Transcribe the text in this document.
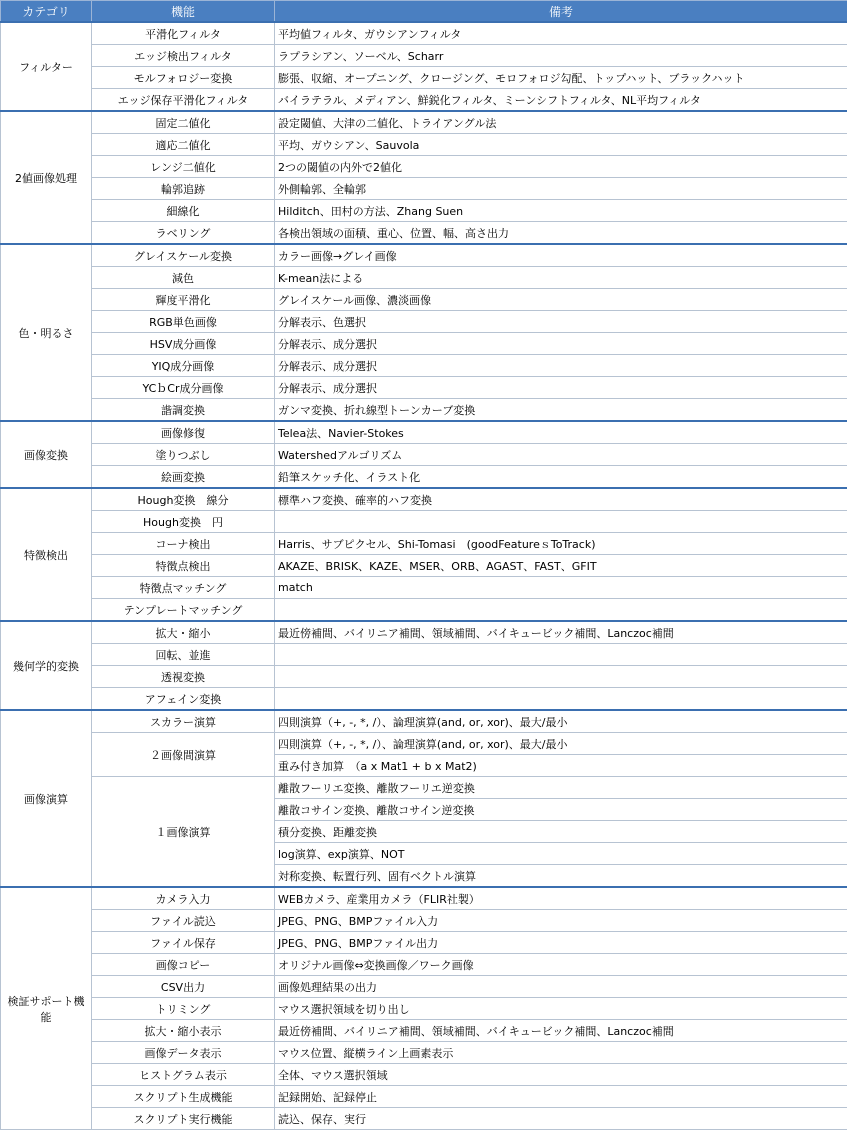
カテゴリ	機能	備考
フィルター	平滑化フィルタ	平均値フィルタ、ガウシアンフィルタ
	エッジ検出フィルタ	ラプラシアン、ソーベル、Scharr
	モルフォロジー変換	膨張、収縮、オープニング、クロージング、モロフォロジ勾配、トップハット、ブラックハット
	エッジ保存平滑化フィルタ	バイラテラル、メディアン、鮮鋭化フィルタ、ミーンシフトフィルタ、NL平均フィルタ
2値画像処理	固定二値化	設定閾値、大津の二値化、トライアングル法
	適応二値化	平均、ガウシアン、Sauvola
	レンジ二値化	2つの閾値の内外で2値化
	輪郭追跡	外側輪郭、全輪郭
	細線化	Hilditch、田村の方法、Zhang Suen
	ラベリング	各検出領域の面積、重心、位置、幅、高さ出力
色・明るさ	グレイスケール変換	カラー画像→グレイ画像
	減色	K-mean法による
	輝度平滑化	グレイスケール画像、濃淡画像
	RGB単色画像	分解表示、色選択
	HSV成分画像	分解表示、成分選択
	YIQ成分画像	分解表示、成分選択
	YCｂCr成分画像	分解表示、成分選択
	諧調変換	ガンマ変換、折れ線型トーンカーブ変換
画像変換	画像修復	Telea法、Navier-Stokes
	塗りつぶし	Watershedアルゴリズム
	絵画変換	鉛筆スケッチ化、イラスト化
特徴検出	Hough変換　線分	標準ハフ変換、確率的ハフ変換
	Hough変換　円	
	コーナ検出	Harris、サブピクセル、Shi-Tomasi　(goodFeatureｓToTrack)
	特徴点検出	AKAZE、BRISK、KAZE、MSER、ORB、AGAST、FAST、GFIT
	特徴点マッチング	match
	テンプレートマッチング	
幾何学的変換	拡大・縮小	最近傍補間、バイリニア補間、領域補間、バイキュービック補間、Lanczoc補間
	回転、並進	
	透視変換	
	アフェイン変換	
画像演算	スカラー演算	四則演算（+, -, *, /）、論理演算(and, or, xor)、最大/最小
	２画像間演算	四則演算（+, -, *, /）、論理演算(and, or, xor)、最大/最小
		重み付き加算　（a x Mat1 + b x Mat2)
	１画像演算	離散フーリエ変換、離散フーリエ逆変換
		離散コサイン変換、離散コサイン逆変換
		積分変換、距離変換
		log演算、exp演算、NOT
		対称変換、転置行列、固有ベクトル演算
検証サポート機能	カメラ入力	WEBカメラ、産業用カメラ（FLIR社製）
	ファイル読込	JPEG、PNG、BMPファイル入力
	ファイル保存	JPEG、PNG、BMPファイル出力
	画像コピー	オリジナル画像⇔変換画像／ワーク画像
	CSV出力	画像処理結果の出力
	トリミング	マウス選択領域を切り出し
	拡大・縮小表示	最近傍補間、バイリニア補間、領域補間、バイキュービック補間、Lanczoc補間
	画像データ表示	マウス位置、縦横ライン上画素表示
	ヒストグラム表示	全体、マウス選択領域
	スクリプト生成機能	記録開始、記録停止
	スクリプト実行機能	読込、保存、実行
